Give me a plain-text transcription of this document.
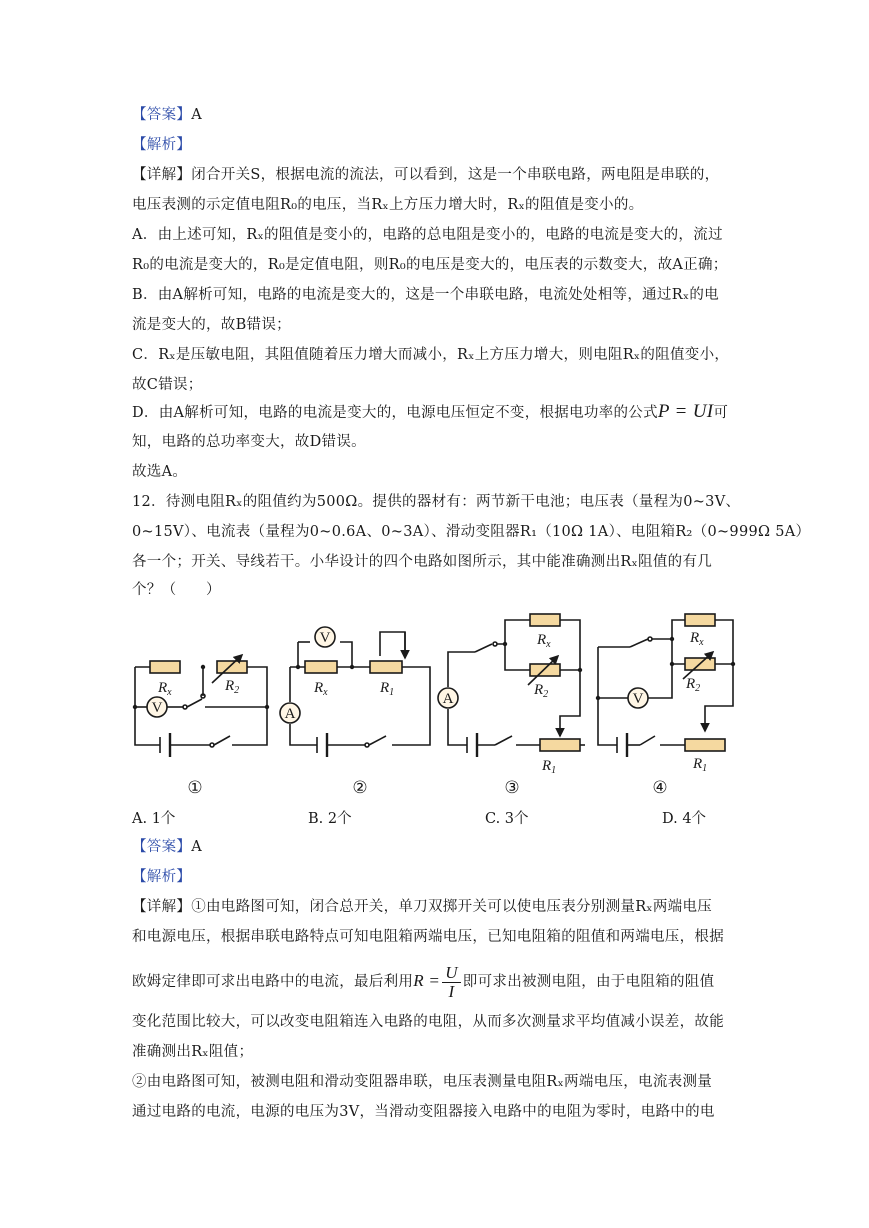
【答案】A
【解析】
【详解】闭合开关S，根据电流的流法，可以看到，这是一个串联电路，两电阻是串联的，
电压表测的示定值电阻R₀的电压，当Rₓ上方压力增大时，Rₓ的阻值是变小的。
A．由上述可知，Rₓ的阻值是变小的，电路的总电阻是变小的，电路的电流是变大的，流过
R₀的电流是变大的，R₀是定值电阻，则R₀的电压是变大的，电压表的示数变大，故A正确；
B．由A解析可知，电路的电流是变大的，这是一个串联电路，电流处处相等，通过Rₓ的电
流是变大的，故B错误；
C．Rₓ是压敏电阻，其阻值随着压力增大而减小，Rₓ上方压力增大，则电阻Rₓ的阻值变小，
故C错误；
D．由A解析可知，电路的电流是变大的，电源电压恒定不变，根据电功率的公式P = UI可
知，电路的总功率变大，故D错误。
故选A。
12．待测电阻Rₓ的阻值约为500Ω。提供的器材有：两节新干电池；电压表（量程为0~3V、
0~15V）、电流表（量程为0~0.6A、0~3A）、滑动变阻器R₁（10Ω 1A）、电阻箱R₂（0~999Ω 5A）
各一个；开关、导线若干。小华设计的四个电路如图所示，其中能准确测出Rₓ阻值的有几
V
$R_x$	$R_2$
V
A
$R_x$	$R_1$	A
$R_x$
$R_2$
$R_1$
V
$R_x$
$R_2$
$R_1$
①	②	③	④
A. 1个	B. 2个	C. 3个	D. 4个
【答案】A
【解析】
【详解】①由电路图可知，闭合总开关，单刀双掷开关可以使电压表分别测量Rₓ两端电压
和电源电压，根据串联电路特点可知电阻箱两端电压，已知电阻箱的阻值和两端电压，根据
欧姆定律即可求出电路中的电流，最后利用$R = \frac{U}{I}$ 即可求出被测电阻，由于电阻箱的阻值
变化范围比较大，可以改变电阻箱连入电路的电阻，从而多次测量求平均值减小误差，故能
准确测出Rₓ阻值；
②由电路图可知，被测电阻和滑动变阻器串联，电压表测量电阻Rₓ两端电压，电流表测量
通过电路的电流，电源的电压为3V，当滑动变阻器接入电路中的电阻为零时，电路中的电
个？（　　）
